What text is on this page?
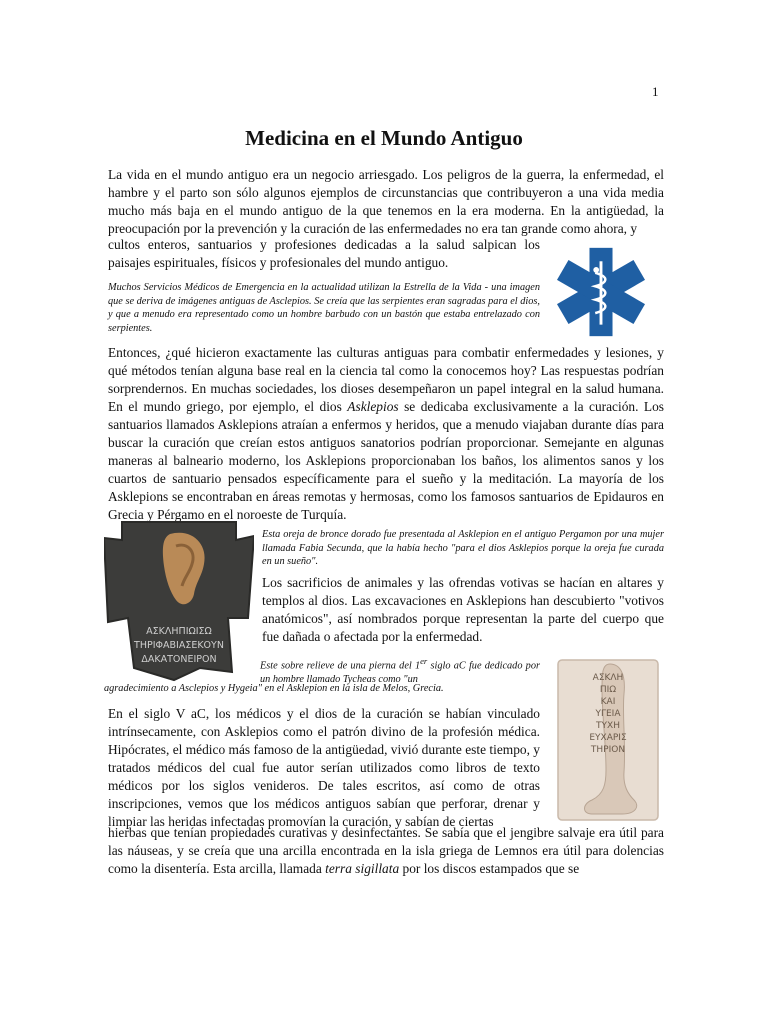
1
Medicina en el Mundo Antiguo

La vida en el mundo antiguo era un negocio arriesgado. Los peligros de la guerra, la enfermedad, el hambre y el parto son sólo algunos ejemplos de circunstancias que contribuyeron a una vida media mucho más baja en el mundo antiguo de la que tenemos en la era moderna. En la antigüedad, la preocupación por la prevención y la curación de las enfermedades no era tan grande como ahora, y

cultos enteros, santuarios y profesiones dedicadas a la salud salpican los paisajes espirituales, físicos y profesionales del mundo antiguo.

Muchos Servicios Médicos de Emergencia en la actualidad utilizan la Estrella de la Vida - una imagen que se deriva de imágenes antiguas de Asclepios. Se creía que las serpientes eran sagradas para el dios, y que a menudo era representado como un hombre barbudo con un bastón que estaba entrelazado con serpientes.

Entonces, ¿qué hicieron exactamente las culturas antiguas para combatir enfermedades y lesiones, y qué métodos tenían alguna base real en la ciencia tal como la conocemos hoy? Las respuestas podrían sorprendernos. En muchas sociedades, los dioses desempeñaron un papel integral en la salud humana. En el mundo griego, por ejemplo, el dios Asklepios se dedicaba exclusivamente a la curación. Los santuarios llamados Asklepions atraían a enfermos y heridos, que a menudo viajaban durante días para buscar la curación que creían estos antiguos sanatorios podrían proporcionar. Semejante en algunas maneras al balneario moderno, los Asklepions proporcionaban los baños, los alimentos sanos y los cuartos de santuario pensados específicamente para el sueño y la meditación. La mayoría de los Asklepions se encontraban en áreas remotas y hermosas, como los famosos santuarios de Epidauros en Grecia y Pérgamo en el noroeste de Turquía.

ΑΣΚΛΗΠΙΩΙΣΩ
ΤΗΡΙΦΑΒΙΑΣΕΚΟΥΝ
ΔΑΚΑΤΟΝΕΙΡΟΝ

Esta oreja de bronce dorado fue presentada al Asklepion en el antiguo Pergamon por una mujer llamada Fabia Secunda, que la había hecho "para el dios Asklepios porque la oreja fue curada en un sueño".

Los sacrificios de animales y las ofrendas votivas se hacían en altares y templos al dios. Las excavaciones en Asklepions han descubierto "votivos anatómicos", así nombrados porque representan la parte del cuerpo que fue dañada o afectada por la enfermedad.

Este sobre relieve de una pierna del 1er siglo aC fue dedicado por un hombre llamado Tycheas como "un

agradecimiento a Asclepios y Hygeia" en el Asklepion en la isla de Melos, Grecia.

ΑΣΚΛΗ
ΠΙΩ
ΚΑΙ
ΥΓΕΙΑ
ΤΥΧΗ
ΕΥΧΑΡΙΣ
ΤΗΡΙΟΝ

En el siglo V aC, los médicos y el dios de la curación se habían vinculado intrínsecamente, con Asklepios como el patrón divino de la profesión médica. Hipócrates, el médico más famoso de la antigüedad, vivió durante este tiempo, y tratados médicos del cual fue autor serían utilizados como libros de texto médicos por los siglos venideros. De tales escritos, así como de otras inscripciones, vemos que los médicos antiguos sabían que perforar, drenar y limpiar las heridas infectadas promovían la curación, y sabían de ciertas

hierbas que tenían propiedades curativas y desinfectantes. Se sabía que el jengibre salvaje era útil para las náuseas, y se creía que una arcilla encontrada en la isla griega de Lemnos era útil para dolencias como la disentería. Esta arcilla, llamada terra sigillata por los discos estampados que se
